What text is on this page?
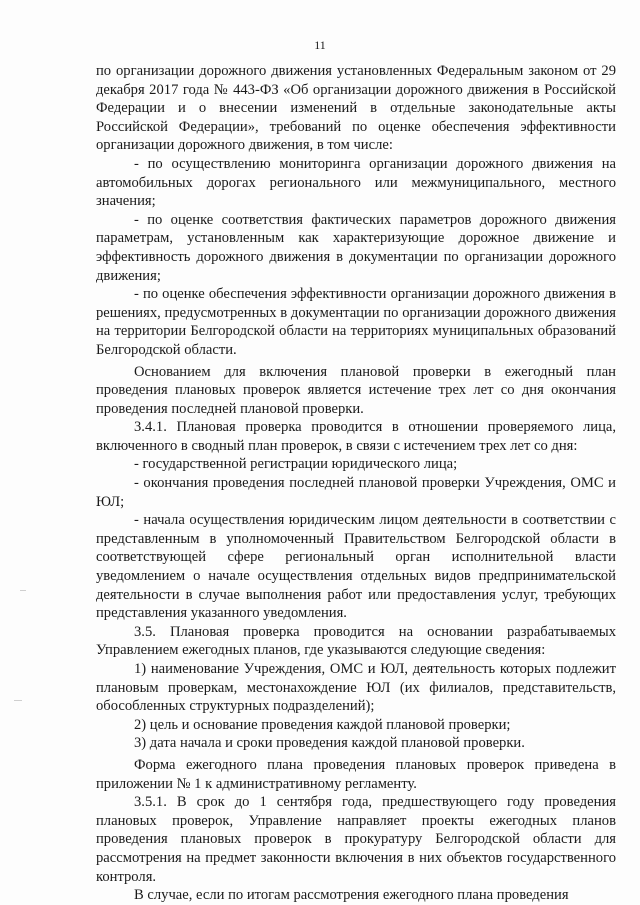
11

по организации дорожного движения установленных Федеральным законом от 29 декабря 2017 года № 443-ФЗ «Об организации дорожного движения в Российской Федерации и о внесении изменений в отдельные законодательные акты Российской Федерации», требований по оценке обеспечения эффективности организации дорожного движения, в том числе:

- по осуществлению мониторинга организации дорожного движения на автомобильных дорогах регионального или межмуниципального, местного значения;

- по оценке соответствия фактических параметров дорожного движения параметрам, установленным как характеризующие дорожное движение и эффективность дорожного движения в документации по организации дорожного движения;

- по оценке обеспечения эффективности организации дорожного движения в решениях, предусмотренных в документации по организации дорожного движения на территории Белгородской области на территориях муниципальных образований Белгородской области.

Основанием для включения плановой проверки в ежегодный план проведения плановых проверок является истечение трех лет со дня окончания проведения последней плановой проверки.

3.4.1. Плановая проверка проводится в отношении проверяемого лица, включенного в сводный план проверок, в связи с истечением трех лет со дня:

- государственной регистрации юридического лица;

- окончания проведения последней плановой проверки Учреждения, ОМС и ЮЛ;

- начала осуществления юридическим лицом деятельности в соответствии с представленным в уполномоченный Правительством Белгородской области в соответствующей сфере региональный орган исполнительной власти уведомлением о начале осуществления отдельных видов предпринимательской деятельности в случае выполнения работ или предоставления услуг, требующих представления указанного уведомления.

3.5. Плановая проверка проводится на основании разрабатываемых Управлением ежегодных планов, где указываются следующие сведения:

1) наименование Учреждения, ОМС и ЮЛ, деятельность которых подлежит плановым проверкам, местонахождение ЮЛ (их филиалов, представительств, обособленных структурных подразделений);

2) цель и основание проведения каждой плановой проверки;

3) дата начала и сроки проведения каждой плановой проверки.

Форма ежегодного плана проведения плановых проверок приведена в приложении № 1 к административному регламенту.

3.5.1. В срок до 1 сентября года, предшествующего году проведения плановых проверок, Управление направляет проекты ежегодных планов проведения плановых проверок в прокуратуру Белгородской области для рассмотрения на предмет законности включения в них объектов государственного контроля.

В случае, если по итогам рассмотрения ежегодного плана проведения
